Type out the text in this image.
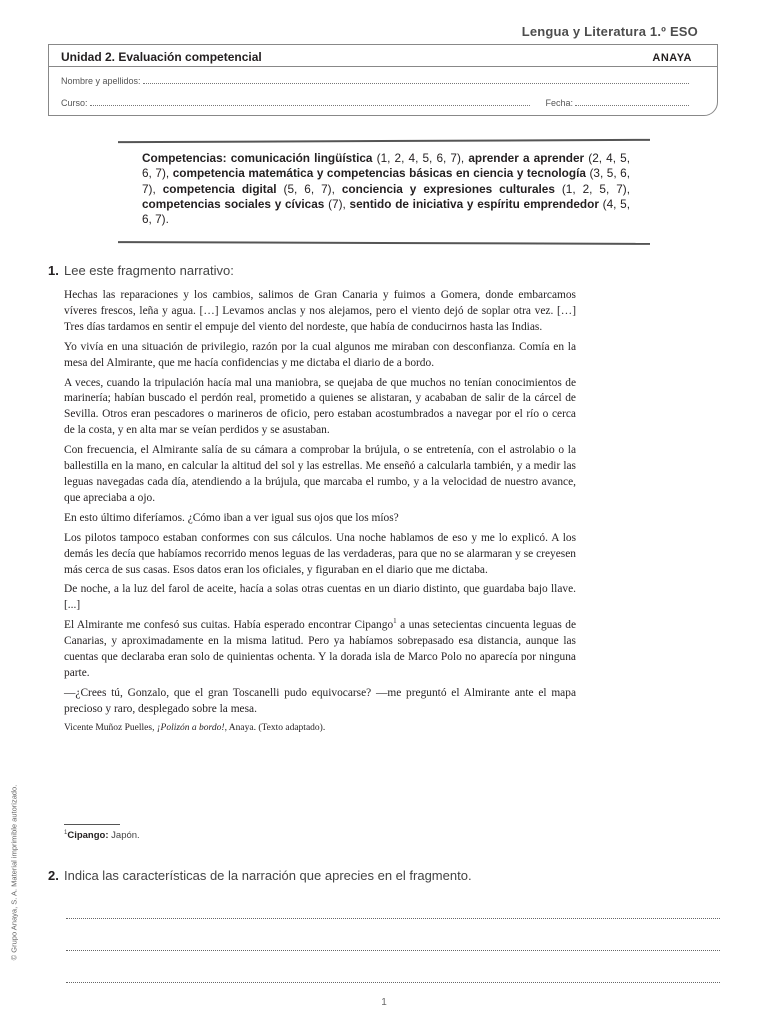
Lengua y Literatura 1.º ESO
Unidad 2. Evaluación competencial	ANAYA
Nombre y apellidos:
Curso:	Fecha:
Competencias: comunicación lingüística (1, 2, 4, 5, 6, 7), aprender a aprender (2, 4, 5, 6, 7), competencia matemática y competencias básicas en ciencia y tecnología (3, 5, 6, 7), competencia digital (5, 6, 7), conciencia y expresiones culturales (1, 2, 5, 7), competencias sociales y cívicas (7), sentido de iniciativa y espíritu emprendedor (4, 5, 6, 7).
1. Lee este fragmento narrativo:

Hechas las reparaciones y los cambios, salimos de Gran Canaria y fuimos a Gomera, donde embarcamos víveres frescos, leña y agua. […] Levamos anclas y nos alejamos, pero el viento dejó de soplar otra vez. […] Tres días tardamos en sentir el empuje del viento del nordeste, que había de conducirnos hasta las Indias.

Yo vivía en una situación de privilegio, razón por la cual algunos me miraban con desconfianza. Comía en la mesa del Almirante, que me hacía confidencias y me dictaba el diario de a bordo.

A veces, cuando la tripulación hacía mal una maniobra, se quejaba de que muchos no tenían conocimientos de marinería; habían buscado el perdón real, prometido a quienes se alistaran, y acababan de salir de la cárcel de Sevilla. Otros eran pescadores o marineros de oficio, pero estaban acostumbrados a navegar por el río o cerca de la costa, y en alta mar se veían perdidos y se asustaban.

Con frecuencia, el Almirante salía de su cámara a comprobar la brújula, o se entretenía, con el astrolabio o la ballestilla en la mano, en calcular la altitud del sol y las estrellas. Me enseñó a calcularla también, y a medir las leguas navegadas cada día, atendiendo a la brújula, que marcaba el rumbo, y a la velocidad de nuestro avance, que apreciaba a ojo.

En esto último diferíamos. ¿Cómo iban a ver igual sus ojos que los míos?

Los pilotos tampoco estaban conformes con sus cálculos. Una noche hablamos de eso y me lo explicó. A los demás les decía que habíamos recorrido menos leguas de las verdaderas, para que no se alarmaran y se creyesen más cerca de sus casas. Esos datos eran los oficiales, y figuraban en el diario que me dictaba.

De noche, a la luz del farol de aceite, hacía a solas otras cuentas en un diario distinto, que guardaba bajo llave. [...]

El Almirante me confesó sus cuitas. Había esperado encontrar Cipango$^1$ a unas setecientas cincuenta leguas de Canarias, y aproximadamente en la misma latitud. Pero ya habíamos sobrepasado esa distancia, aunque las cuentas que declaraba eran solo de quinientas ochenta. Y la dorada isla de Marco Polo no aparecía por ninguna parte.

—¿Crees tú, Gonzalo, que el gran Toscanelli pudo equivocarse? —me preguntó el Almirante ante el mapa precioso y raro, desplegado sobre la mesa.

Vicente Muñoz Puelles, ¡Polizón a bordo!, Anaya. (Texto adaptado).

$^1$Cipango: Japón.
2. Indica las características de la narración que aprecies en el fragmento.
© Grupo Anaya, S. A. Material imprimible autorizado.
1
